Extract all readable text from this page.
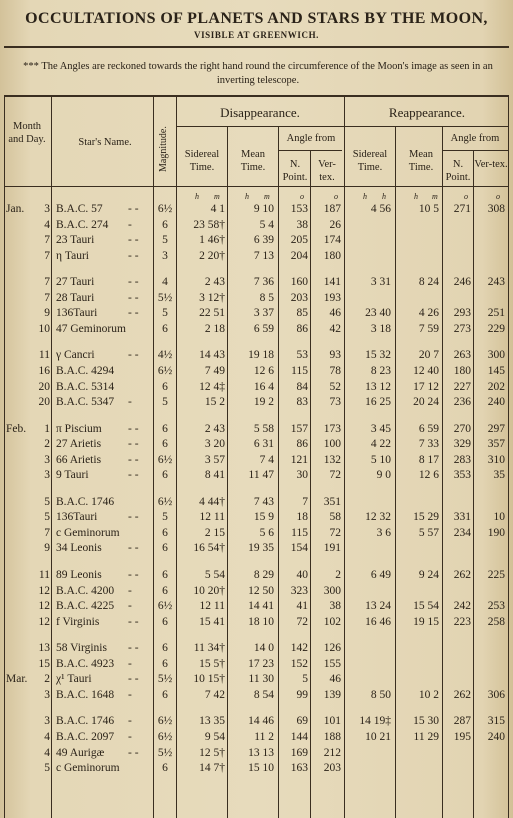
OCCULTATIONS OF PLANETS AND STARS BY THE MOON,
VISIBLE AT GREENWICH.
*** The Angles are reckoned towards the right hand round the circumference of the Moon's image as seen in an inverting telescope.
Month and Day.	Star's Name.	Magnitude.
Disappearance.	Reappearance.
Sidereal Time.
Mean Time.
Angle from
N. Point.
Ver-tex.
Sidereal Time.
Mean Time.
Angle from
N. Point.
Ver-tex.
h m	h m	o	o	h h	h m	o	o
Jan.	3 B.A.C. 57 - - 6½	4 1	9 10	153	187	4 56	10 5	271	308
4 B.A.C. 274 -	6	23 58†	5 4	38	26
7 23 Tauri	- -	5	1 46†	6 39	205	174
7 η Tauri	- -	3	2 20†	7 13	204	180
7 27 Tauri	- -	4	2 43	7 36	160	141	3 31	8 24	246	243
7 28 Tauri	- - 5½	3 12†	8 5	203	193
9 136Tauri	- -	5	22 51	3 37	85	46	23 40	4 26	293	251
10 47 Geminorum	6	2 18	6 59	86	42	3 18	7 59	273	229
11 γ Cancri	- - 4½	14 43	19 18	53	93	15 32	20 7	263	300
16 B.A.C. 4294	6½	7 49	12 6	115	78	8 23	12 40	180	145
20 B.A.C. 5314	6	12 4‡	16 4	84	52	13 12	17 12	227	202
20 B.A.C. 5347 -	5	15 2	19 2	83	73	16 25	20 24	236	240
Feb.	1 π Piscium - -	6	2 43	5 58	157	173	3 45	6 59	270	297
2 27 Arietis - -	6	3 20	6 31	86	100	4 22	7 33	329	357
3 66 Arietis - - 6½	3 57	7 4	121	132	5 10	8 17	283	310
3 9 Tauri	- -	6	8 41	11 47	30	72	9 0	12 6	353	35
5 B.A.C. 1746	6½	4 44†	7 43	7	351
5 136Tauri	- -	5	12 11	15 9	18	58	12 32	15 29	331	10
7 c Geminorum	6	2 15	5 6	115	72	3 6	5 57	234	190
9 34 Leonis - -	6	16 54†	19 35	154	191
11 89 Leonis - -	6	5 54	8 29	40	2	6 49	9 24	262	225
12 B.A.C. 4200 -	6	10 20†	12 50	323	300
12 B.A.C. 4225 - 6½	12 11	14 41	41	38	13 24	15 54	242	253
12 f Virginis - -	6	15 41	18 10	72	102	16 46	19 15	223	258
13 58 Virginis - -	6	11 34†	14 0	142	126
15 B.A.C. 4923 -	6	15 5†	17 23	152	155
Mar.	2 χ¹ Tauri	- - 5½	10 15†	11 30	5	46
3 B.A.C. 1648 -	6	7 42	8 54	99	139	8 50	10 2	262	306
3 B.A.C. 1746 - 6½	13 35	14 46	69	101	14 19‡	15 30	287	315
4 B.A.C. 2097 - 6½	9 54	11 2	144	188	10 21	11 29	195	240
4 49 Aurigæ - - 5½	12 5†	13 13	169	212
5 c Geminorum	6	14 7†	15 10	163	203
